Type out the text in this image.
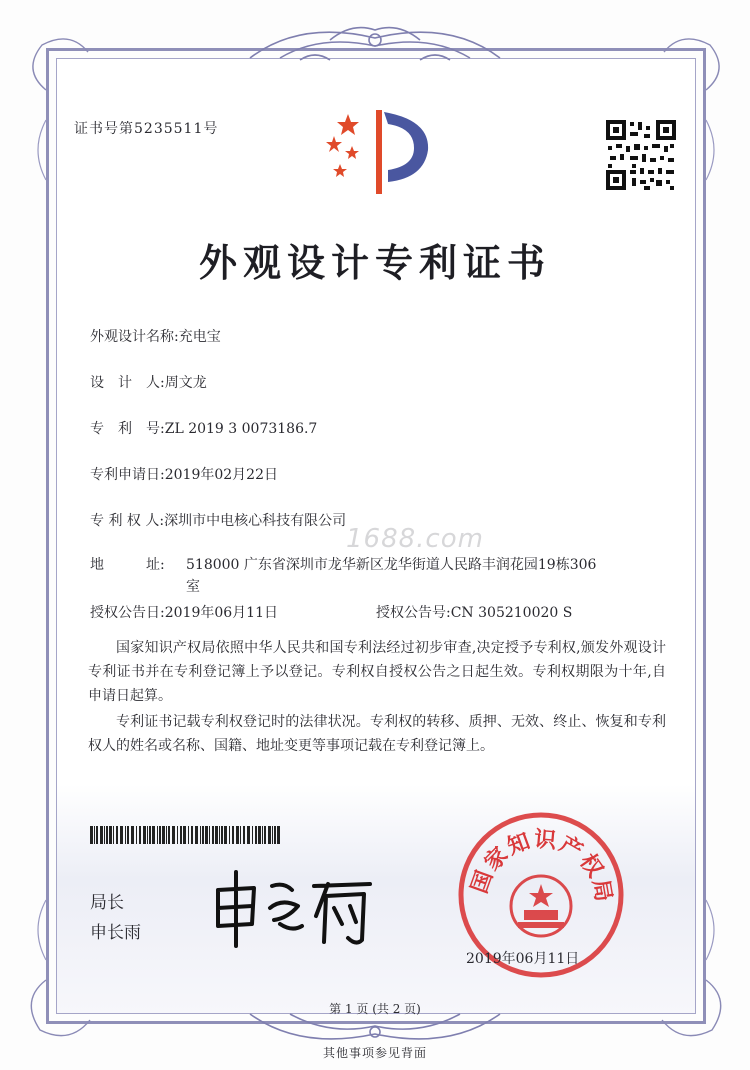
证书号第5235511号
外观设计专利证书
外观设计名称:充电宝
设　计　人:周文龙
专　利　号:ZL 2019 3 0073186.7
专利申请日:2019年02月22日
专 利 权 人:深圳市中电核心科技有限公司
1688.com
地　　　址: 518000 广东省深圳市龙华新区龙华街道人民路丰润花园19栋306室
授权公告日:2019年06月11日	授权公告号:CN 305210020 S
国家知识产权局依照中华人民共和国专利法经过初步审查,决定授予专利权,颁发外观设计专利证书并在专利登记簿上予以登记。专利权自授权公告之日起生效。专利权期限为十年,自申请日起算。
专利证书记载专利权登记时的法律状况。专利权的转移、质押、无效、终止、恢复和专利权人的姓名或名称、国籍、地址变更等事项记载在专利登记簿上。
局长
申长雨
国家知识产权局
2019年06月11日
第 1 页 (共 2 页)
其他事项参见背面
